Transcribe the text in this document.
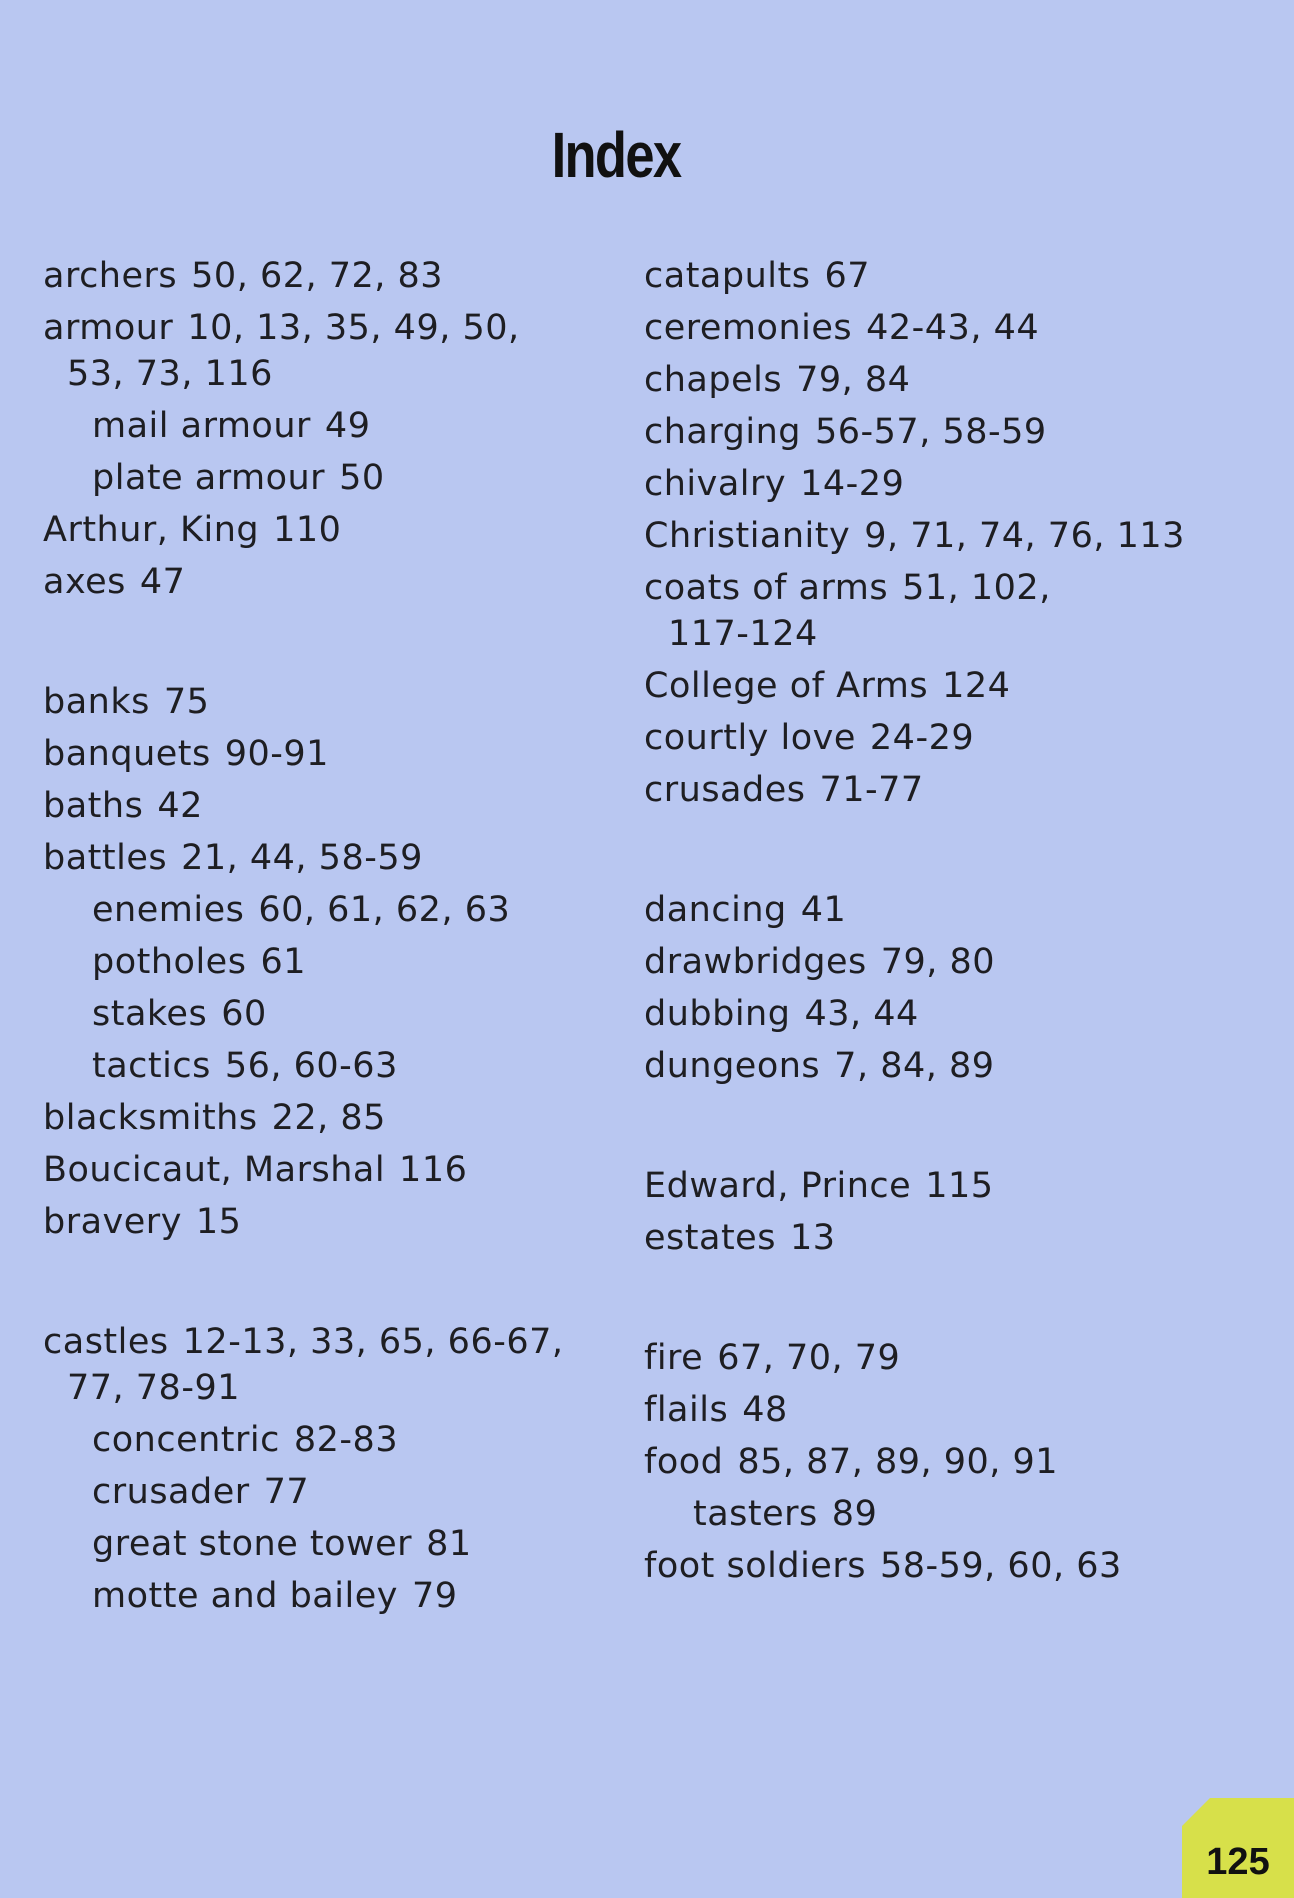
Index
archers 50, 62, 72, 83
armour 10, 13, 35, 49, 50,
53, 73, 116
mail armour 49
plate armour 50
Arthur, King 110
axes 47
banks 75
banquets 90-91
baths 42
battles 21, 44, 58-59
enemies 60, 61, 62, 63
potholes 61
stakes 60
tactics 56, 60-63
blacksmiths 22, 85
Boucicaut, Marshal 116
bravery 15
castles 12-13, 33, 65, 66-67,
77, 78-91
concentric 82-83
crusader 77
great stone tower 81
motte and bailey 79
catapults 67
ceremonies 42-43, 44
chapels 79, 84
charging 56-57, 58-59
chivalry 14-29
Christianity 9, 71, 74, 76, 113
coats of arms 51, 102,
117-124
College of Arms 124
courtly love 24-29
crusades 71-77
dancing 41
drawbridges 79, 80
dubbing 43, 44
dungeons 7, 84, 89
Edward, Prince 115
estates 13
fire 67, 70, 79
flails 48
food 85, 87, 89, 90, 91
tasters 89
foot soldiers 58-59, 60, 63
125
